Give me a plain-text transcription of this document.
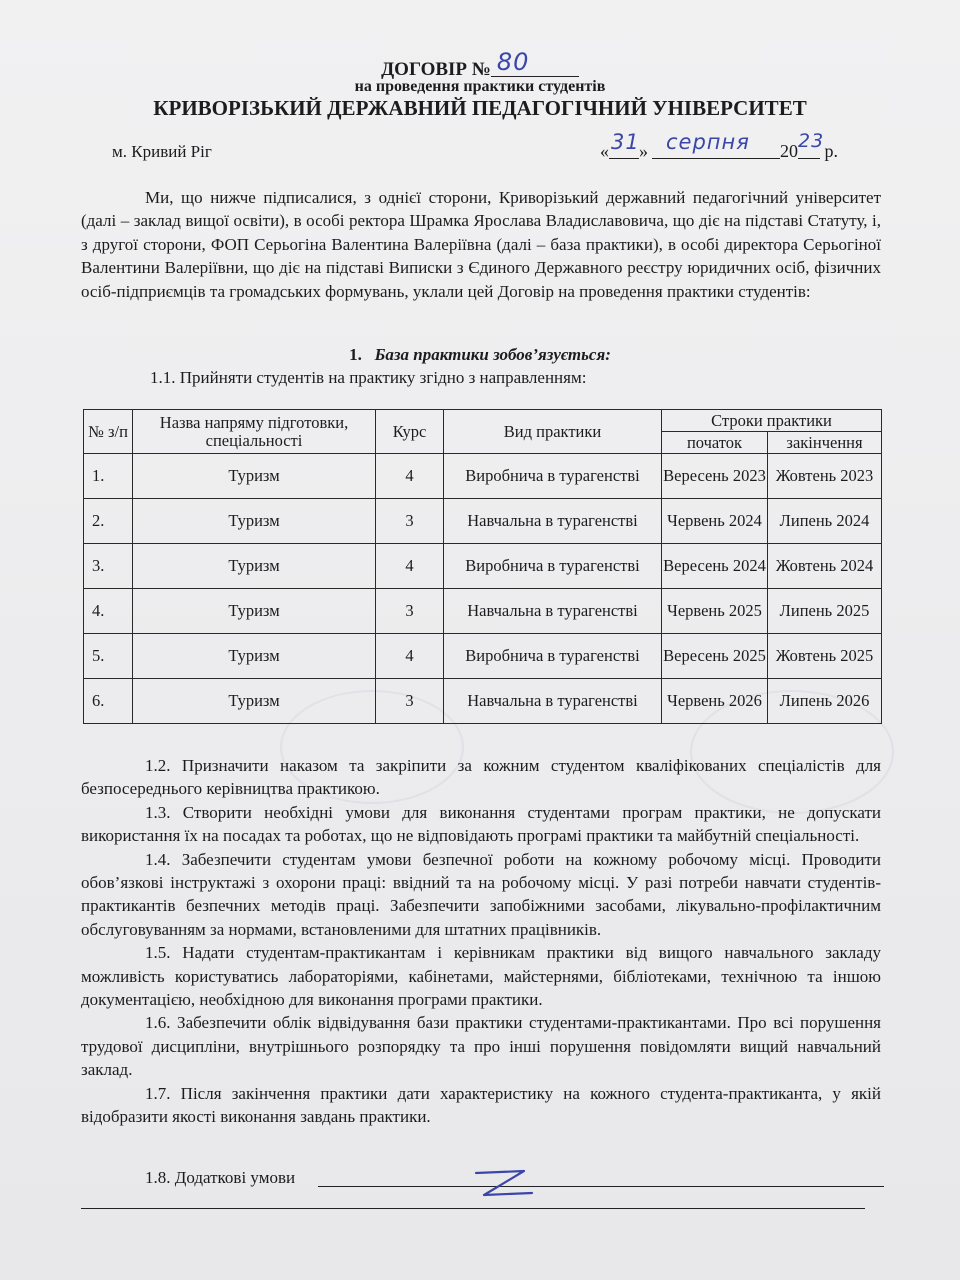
ДОГОВІР № 80
на проведення практики студентів
КРИВОРІЗЬКИЙ ДЕРЖАВНИЙ ПЕДАГОГІЧНИЙ УНІВЕРСИТЕТ
м. Кривий Ріг	« 31 » серпня 20 23
р.

Ми, що нижче підписалися, з однієї сторони, Криворізький державний педагогічний університет (далі – заклад вищої освіти), в особі ректора Шрамка Ярослава Владиславовича, що діє на підставі Статуту, і, з другої сторони, ФОП Серьогіна Валентина Валеріївна (далі – база практики), в особі директора Серьогіної Валентини Валеріївни, що діє на підставі Виписки з Єдиного Державного реєстру юридичних осіб, фізичних осіб-підприємців та громадських формувань, уклали цей Договір на проведення практики студентів:

1. База практики зобов’язується:
1.1. Прийняти студентів на практику згідно з направленням:
№ з/п	Назва напряму підготовки, спеціальності	Курс	Вид практики	Строки практики	
				початок	закінчення
1.	Туризм	4	Виробнича в турагенстві	Вересень 2023	Жовтень 2023
2.	Туризм	3	Навчальна в турагенстві	Червень 2024	Липень 2024
3.	Туризм	4	Виробнича в турагенстві	Вересень 2024	Жовтень 2024
4.	Туризм	3	Навчальна в турагенстві	Червень 2025	Липень 2025
5.	Туризм	4	Виробнича в турагенстві	Вересень 2025	Жовтень 2025
6.	Туризм	3	Навчальна в турагенстві	Червень 2026	Липень 2026

1.2. Призначити наказом та закріпити за кожним студентом кваліфікованих спеціалістів для безпосереднього керівництва практикою.

1.3. Створити необхідні умови для виконання студентами програм практики, не допускати використання їх на посадах та роботах, що не відповідають програмі практики та майбутній спеціальності.

1.4. Забезпечити студентам умови безпечної роботи на кожному робочому місці. Проводити обов’язкові інструктажі з охорони праці: ввідний та на робочому місці. У разі потреби навчати студентів-практикантів безпечних методів праці. Забезпечити запобіжними засобами, лікувально-профілактичним обслуговуванням за нормами, встановленими для штатних працівників.

1.5. Надати студентам-практикантам і керівникам практики від вищого навчального закладу можливість користуватись лабораторіями, кабінетами, майстернями, бібліотеками, технічною та іншою документацією, необхідною для виконання програми практики.

1.6. Забезпечити облік відвідування бази практики студентами-практикантами. Про всі порушення трудової дисципліни, внутрішнього розпорядку та про інші порушення повідомляти вищий навчальний заклад.

1.7. Після закінчення практики дати характеристику на кожного студента-практиканта, у якій відобразити якості виконання завдань практики.

1.8. Додаткові умови
